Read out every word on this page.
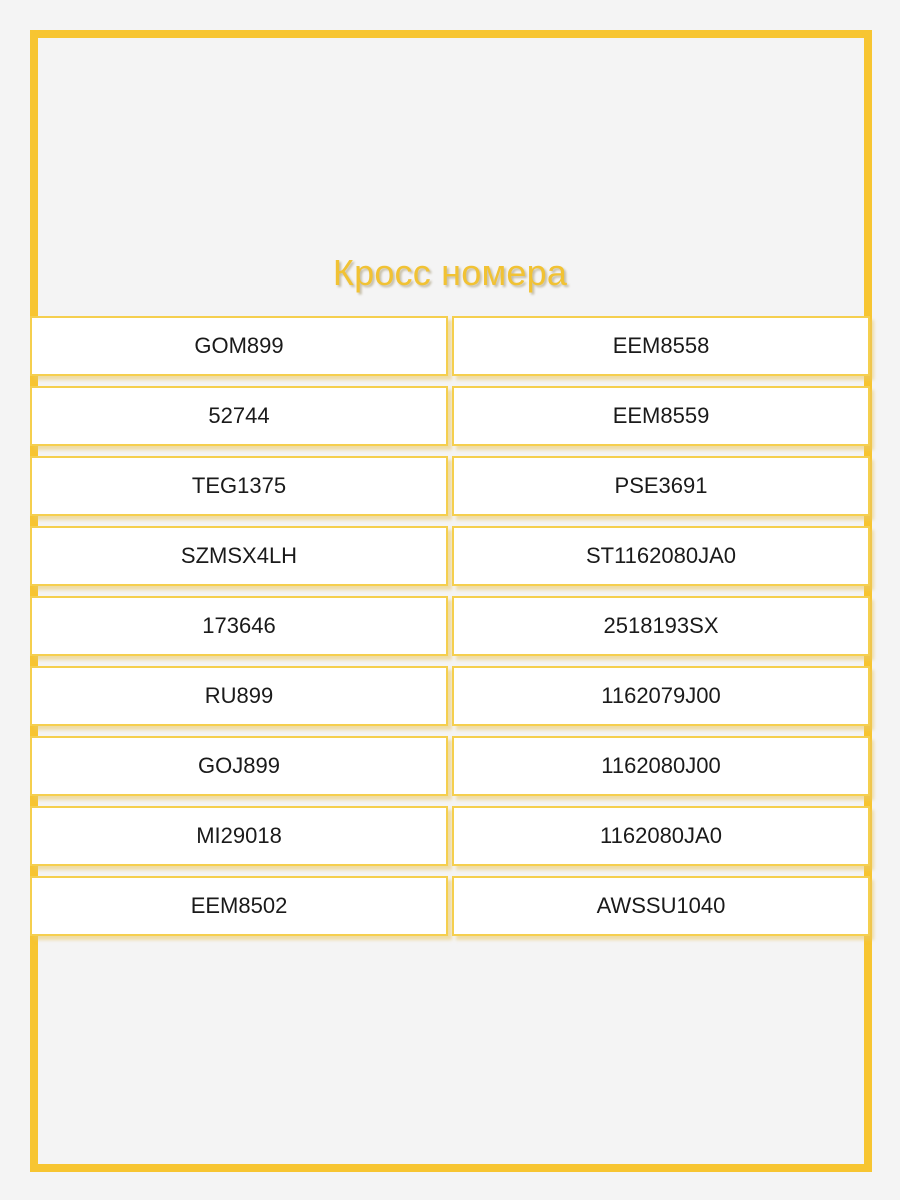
Кросс номера
GOM899	EEM8558
52744	EEM8559
TEG1375	PSE3691
SZMSX4LH	ST1162080JA0
173646	2518193SX
RU899	1162079J00
GOJ899	1162080J00
MI29018	1162080JA0
EEM8502	AWSSU1040
